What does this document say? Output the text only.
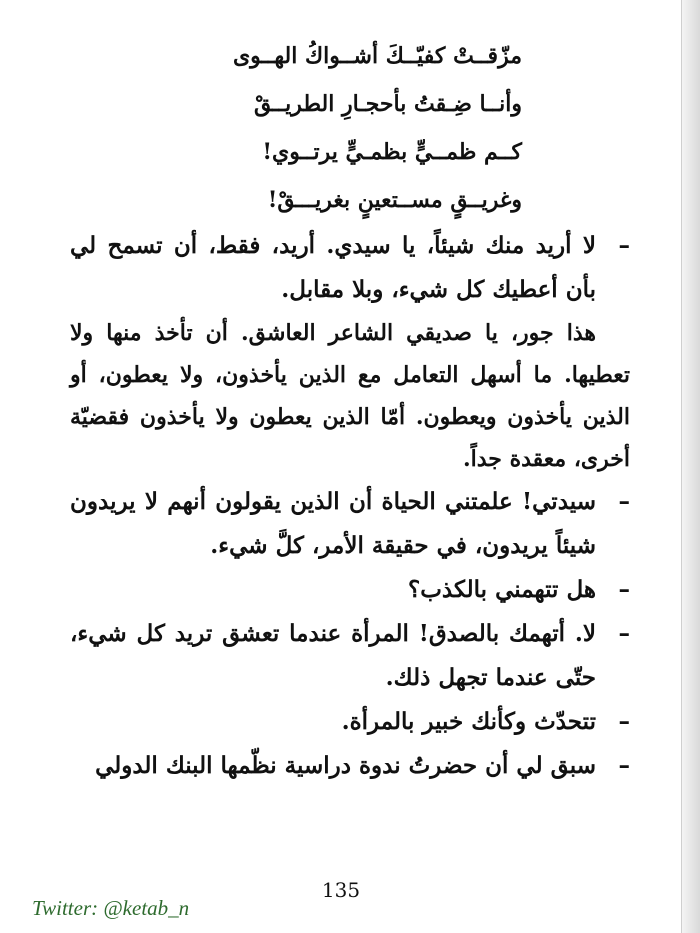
مزّقــتْ كفيّــكَ أشــواكُ الهــوى
وأنــا ضِـقتُ بأحجـارِ الطريــقْ
كــم ظمــيٍّ بظمـيٍّ يرتــوي!
وغريــقٍ مســتعينٍ بغريـــقْ!
–
لا أريد منك شيئاً، يا سيدي. أريد، فقط، أن تسمح لي بأن أعطيك كل شيء، وبلا مقابل.
هذا جور، يا صديقي الشاعر العاشق. أن تأخذ منها ولا تعطيها. ما أسهل التعامل مع الذين يأخذون، ولا يعطون، أو الذين يأخذون ويعطون. أمّا الذين يعطون ولا يأخذون فقضيّة أخرى، معقدة جداً.
–
سيدتي! علمتني الحياة أن الذين يقولون أنهم لا يريدون شيئاً يريدون، في حقيقة الأمر، كلَّ شيء.
–
هل تتهمني بالكذب؟
–
لا. أتهمك بالصدق! المرأة عندما تعشق تريد كل شيء، حتّى عندما تجهل ذلك.
–
تتحدّث وكأنك خبير بالمرأة.
–
سبق لي أن حضرتُ ندوة دراسية نظّمها البنك الدولي
135
Twitter: @ketab_n
